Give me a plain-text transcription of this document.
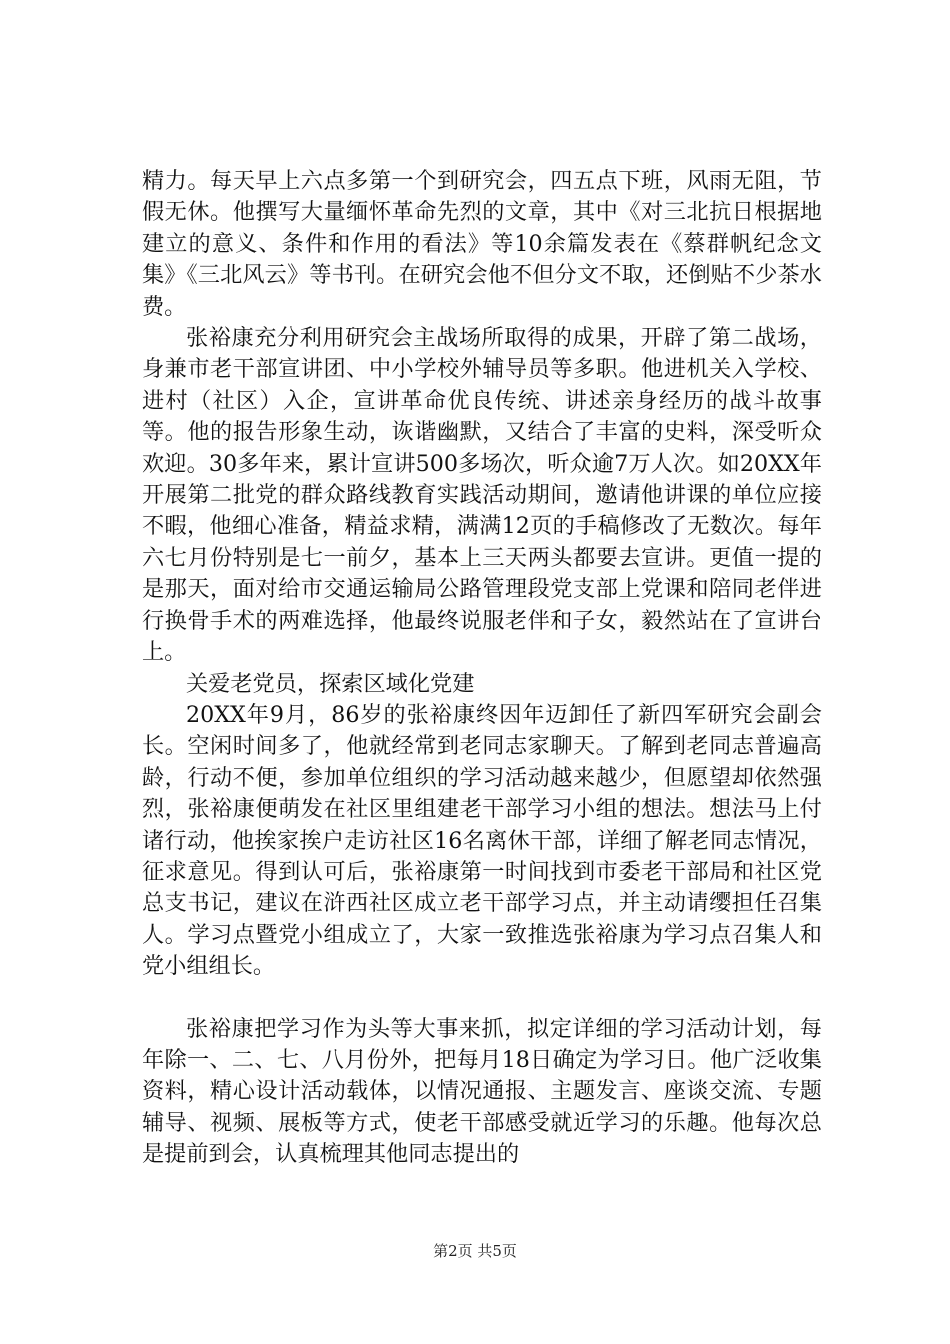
精力。每天早上六点多第一个到研究会，四五点下班，风雨无阻，节假无休。他撰写大量缅怀革命先烈的文章，其中《对三北抗日根据地建立的意义、条件和作用的看法》等10余篇发表在《蔡群帆纪念文集》《三北风云》等书刊。在研究会他不但分文不取，还倒贴不少茶水费。

张裕康充分利用研究会主战场所取得的成果，开辟了第二战场，身兼市老干部宣讲团、中小学校外辅导员等多职。他进机关入学校、进村（社区）入企，宣讲革命优良传统、讲述亲身经历的战斗故事等。他的报告形象生动，诙谐幽默，又结合了丰富的史料，深受听众欢迎。30多年来，累计宣讲500多场次，听众逾7万人次。如20XX年开展第二批党的群众路线教育实践活动期间，邀请他讲课的单位应接不暇，他细心准备，精益求精，满满12页的手稿修改了无数次。每年六七月份特别是七一前夕，基本上三天两头都要去宣讲。更值一提的是那天，面对给市交通运输局公路管理段党支部上党课和陪同老伴进行换骨手术的两难选择，他最终说服老伴和子女，毅然站在了宣讲台上。

关爱老党员，探索区域化党建

20XX年9月，86岁的张裕康终因年迈卸任了新四军研究会副会长。空闲时间多了，他就经常到老同志家聊天。了解到老同志普遍高龄，行动不便，参加单位组织的学习活动越来越少，但愿望却依然强烈，张裕康便萌发在社区里组建老干部学习小组的想法。想法马上付诸行动，他挨家挨户走访社区16名离休干部，详细了解老同志情况，征求意见。得到认可后，张裕康第一时间找到市委老干部局和社区党总支书记，建议在浒西社区成立老干部学习点，并主动请缨担任召集人。学习点暨党小组成立了，大家一致推选张裕康为学习点召集人和党小组组长。

张裕康把学习作为头等大事来抓，拟定详细的学习活动计划，每年除一、二、七、八月份外，把每月18日确定为学习日。他广泛收集资料，精心设计活动载体，以情况通报、主题发言、座谈交流、专题辅导、视频、展板等方式，使老干部感受就近学习的乐趣。他每次总是提前到会，认真梳理其他同志提出的

第2页 共5页
